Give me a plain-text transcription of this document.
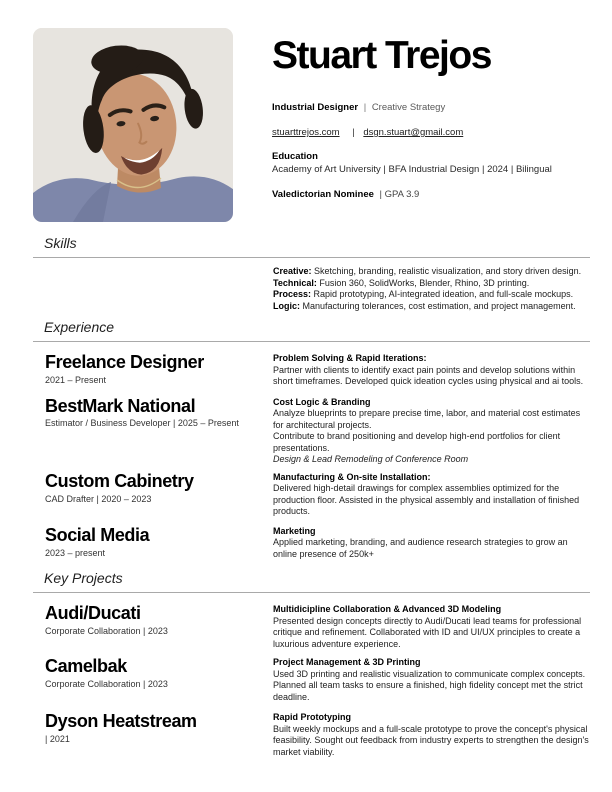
Stuart Trejos
Industrial Designer | Creative Strategy
stuarttrejos.com | dsgn.stuart@gmail.com
Education
Academy of Art University | BFA Industrial Design | 2024 | Bilingual
Valedictorian Nominee | GPA 3.9
Skills
Creative: Sketching, branding, realistic visualization, and story driven design.
Technical: Fusion 360, SolidWorks, Blender, Rhino, 3D printing.
Process: Rapid prototyping, AI-integrated ideation, and full-scale mockups.
Logic: Manufacturing tolerances, cost estimation, and project management.
Experience
Freelance Designer
2021 – Present
Problem Solving & Rapid Iterations:
Partner with clients to identify exact pain points and develop solutions within short timeframes. Developed quick ideation cycles using physical and ai tools.
BestMark National
Estimator / Business Developer | 2025 – Present
Cost Logic & Branding
Analyze blueprints to prepare precise time, labor, and material cost estimates for architectural projects.
Contribute to brand positioning and develop high-end portfolios for client presentations.
Design & Lead Remodeling of Conference Room
Custom Cabinetry
CAD Drafter | 2020 – 2023
Manufacturing & On-site Installation:
Delivered high-detail drawings for complex assemblies optimized for the production floor. Assisted in the physical assembly and installation of finished products.
Social Media
2023 – present
Marketing
Applied marketing, branding, and audience research strategies to grow an online presence of 250k+
Key Projects
Audi/Ducati
Corporate Collaboration | 2023
Multidicipline Collaboration & Advanced 3D Modeling
Presented design concepts directly to Audi/Ducati lead teams for professional critique and refinement. Collaborated with ID and UI/UX principles to create a luxurious adventure experience.
Camelbak
Corporate Collaboration | 2023
Project Management & 3D Printing
Used 3D printing and realistic visualization to communicate complex concepts. Planned all team tasks to ensure a finished, high fidelity concept met the strict deadline.
Dyson Heatstream
| 2021
Rapid Prototyping
Built weekly mockups and a full-scale prototype to prove the concept's physical feasibility. Sought out feedback from industry experts to strengthen the design's market viability.
